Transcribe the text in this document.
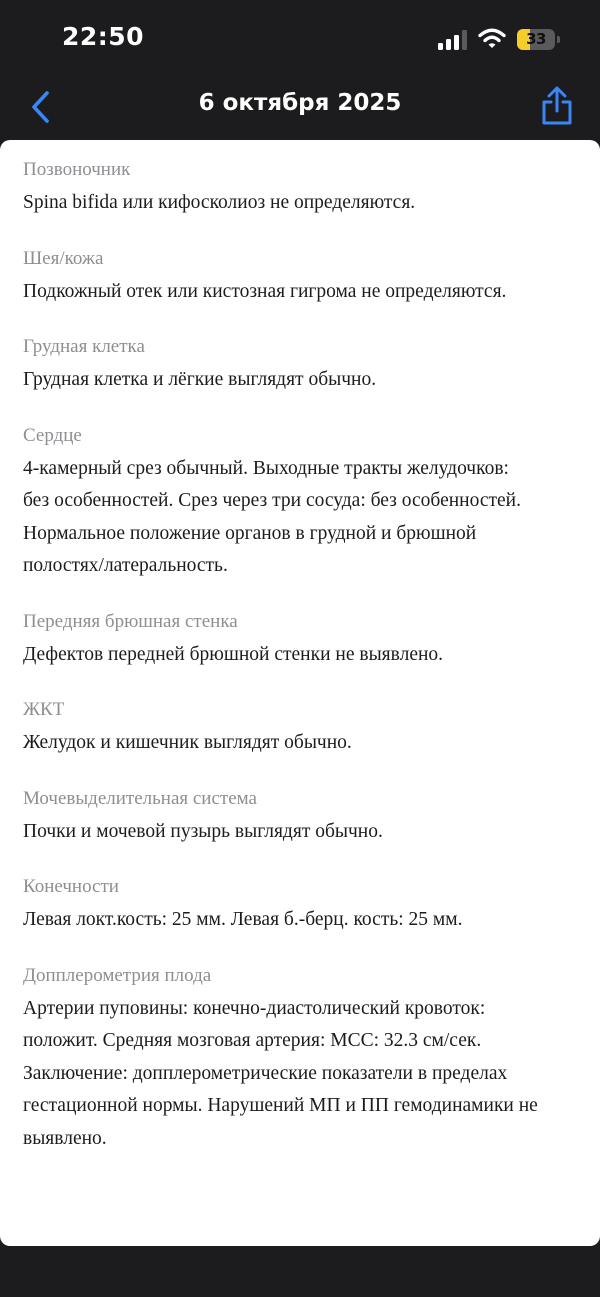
22:50	33
6 октября 2025
Позвоночник
Spina bifida или кифосколиоз не определяются.
Шея/кожа
Подкожный отек или кистозная гигрома не определяются.
Грудная клетка
Грудная клетка и лёгкие выглядят обычно.
Сердце
4-камерный срез обычный. Выходные тракты желудочков:
без особенностей. Срез через три сосуда: без особенностей.
Нормальное положение органов в грудной и брюшной
полостях/латеральность.
Передняя брюшная стенка
Дефектов передней брюшной стенки не выявлено.
ЖКТ
Желудок и кишечник выглядят обычно.
Мочевыделительная система
Почки и мочевой пузырь выглядят обычно.
Конечности
Левая локт.кость: 25 мм. Левая б.-берц. кость: 25 мм.
Допплерометрия плода
Артерии пуповины: конечно-диастолический кровоток:
положит. Средняя мозговая артерия: МСС: 32.3 см/сек.
Заключение: допплерометрические показатели в пределах
гестационной нормы. Нарушений МП и ПП гемодинамики не
выявлено.
